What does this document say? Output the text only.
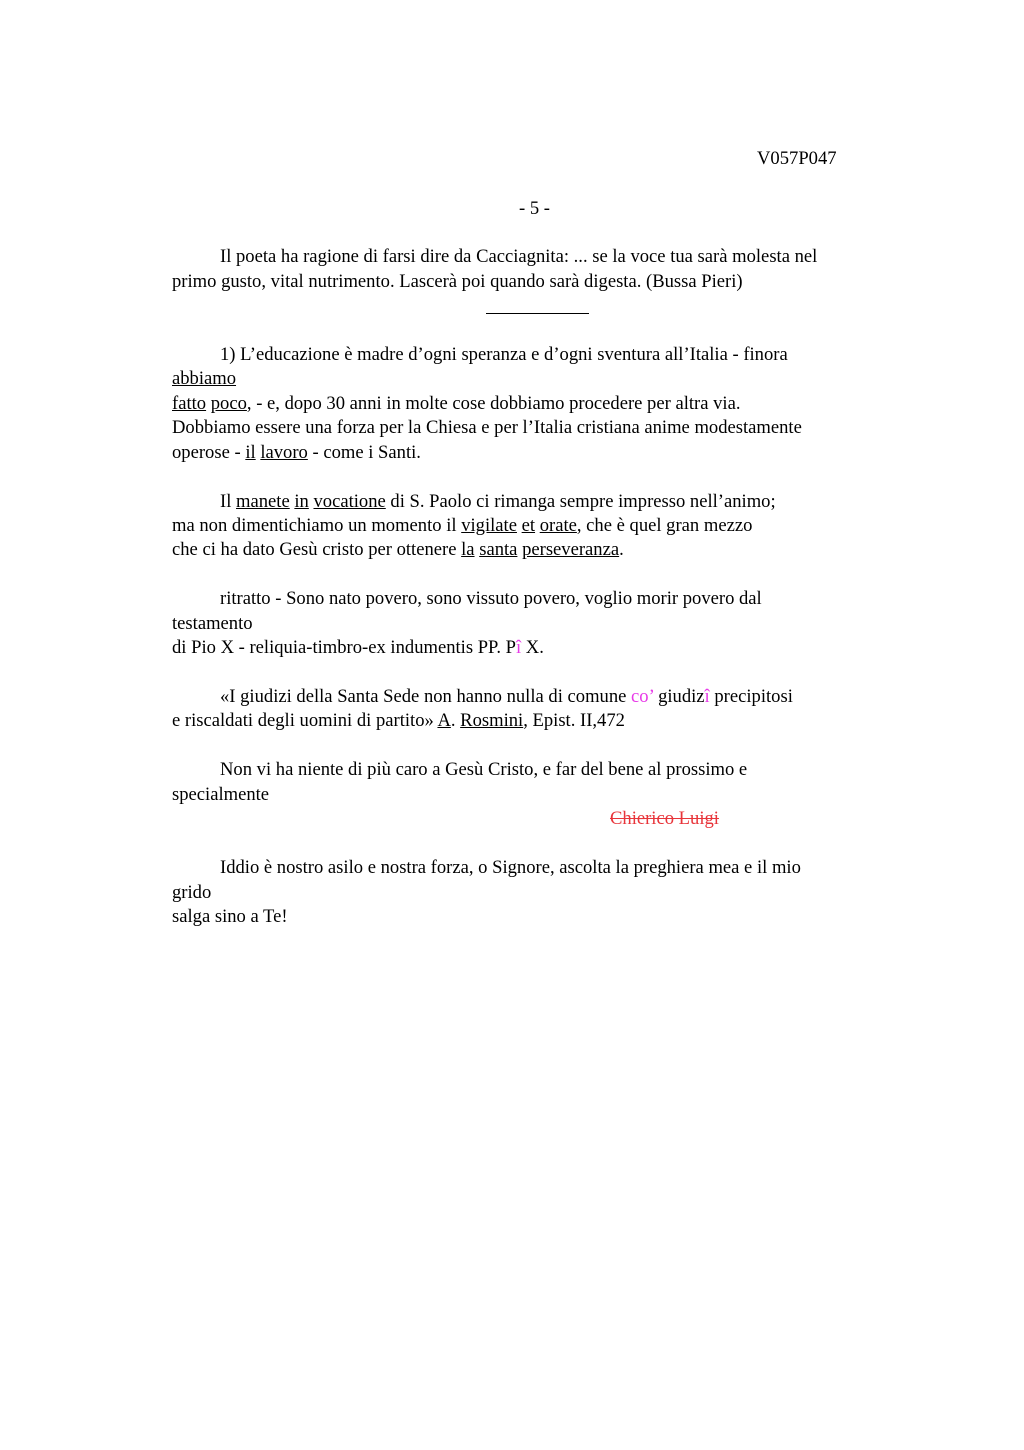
V057P047
- 5 -
Il poeta ha ragione di farsi dire da Cacciagnita: ... se la voce tua sarà molesta nel
primo gusto, vital nutrimento. Lascerà poi quando sarà digesta. (Bussa Pieri)
1) L’educazione è madre d’ogni speranza e d’ogni sventura all’Italia - finora
abbiamo
fatto poco, - e, dopo 30 anni in molte cose dobbiamo procedere per altra via.
Dobbiamo essere una forza per la Chiesa e per l’Italia cristiana anime modestamente
operose - il lavoro - come i Santi.
Il manete in vocatione di S. Paolo ci rimanga sempre impresso nell’animo;
ma non dimentichiamo un momento il vigilate et orate, che è quel gran mezzo
che ci ha dato Gesù cristo per ottenere la santa perseveranza.
ritratto - Sono nato povero, sono vissuto povero, voglio morir povero dal
testamento
di Pio X - reliquia-timbro-ex indumentis PP. Pî X.
«I giudizi della Santa Sede non hanno nulla di comune co’ giudizî precipitosi
e riscaldati degli uomini di partito» A. Rosmini, Epist. II,472
Non vi ha niente di più caro a Gesù Cristo, e far del bene al prossimo e
specialmente
Chierico Luigi
Iddio è nostro asilo e nostra forza, o Signore, ascolta la preghiera mea e il mio
grido
salga sino a Te!
